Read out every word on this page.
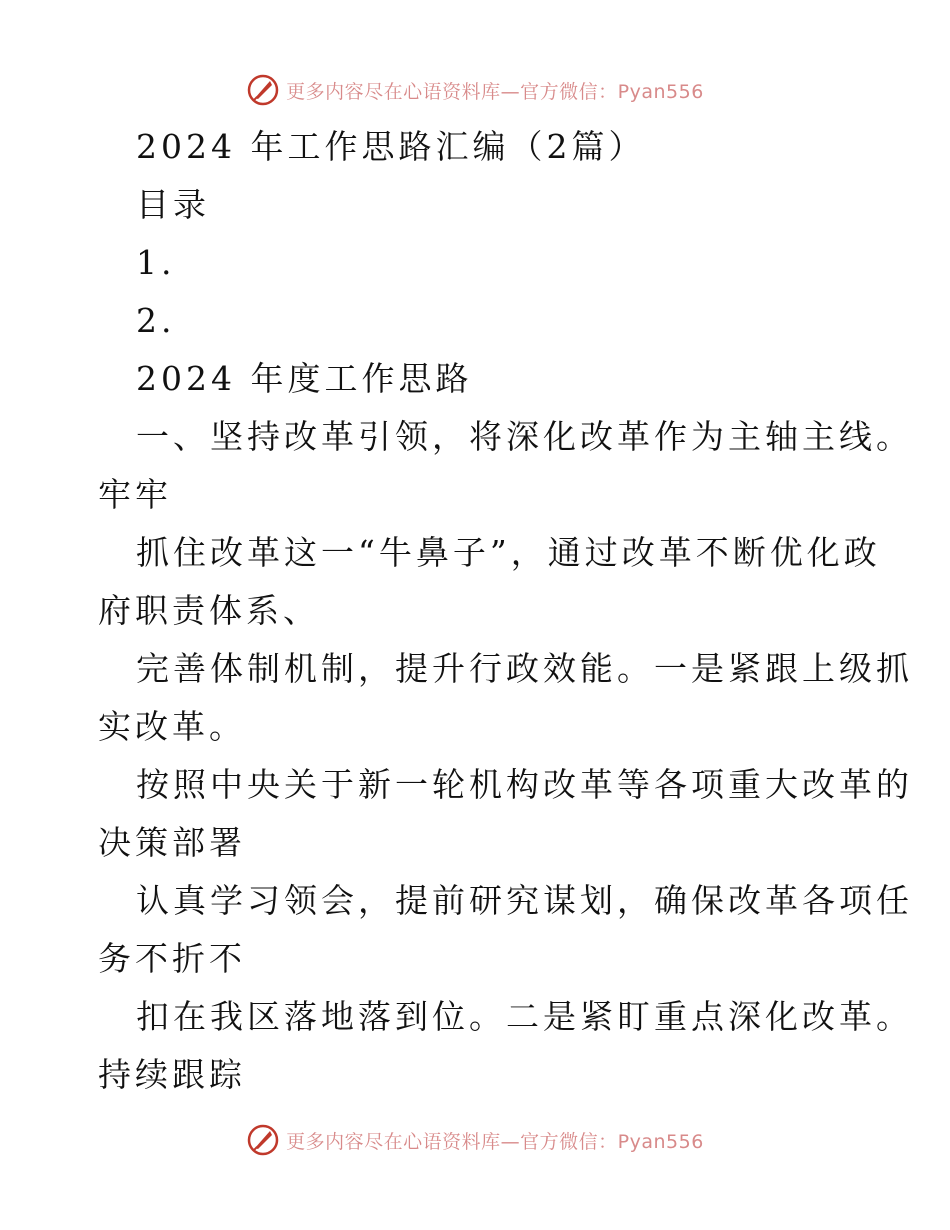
更多内容尽在心语资料库—官方微信：Pyan556
2024 年工作思路汇编（2篇）
目录
1.
2.
2024 年度工作思路
一、坚持改革引领，将深化改革作为主轴主线。
牢牢
抓住改革这一“牛鼻子”，通过改革不断优化政
府职责体系、
完善体制机制，提升行政效能。一是紧跟上级抓
实改革。
按照中央关于新一轮机构改革等各项重大改革的
决策部署
认真学习领会，提前研究谋划，确保改革各项任
务不折不
扣在我区落地落到位。二是紧盯重点深化改革。
持续跟踪
更多内容尽在心语资料库—官方微信：Pyan556
